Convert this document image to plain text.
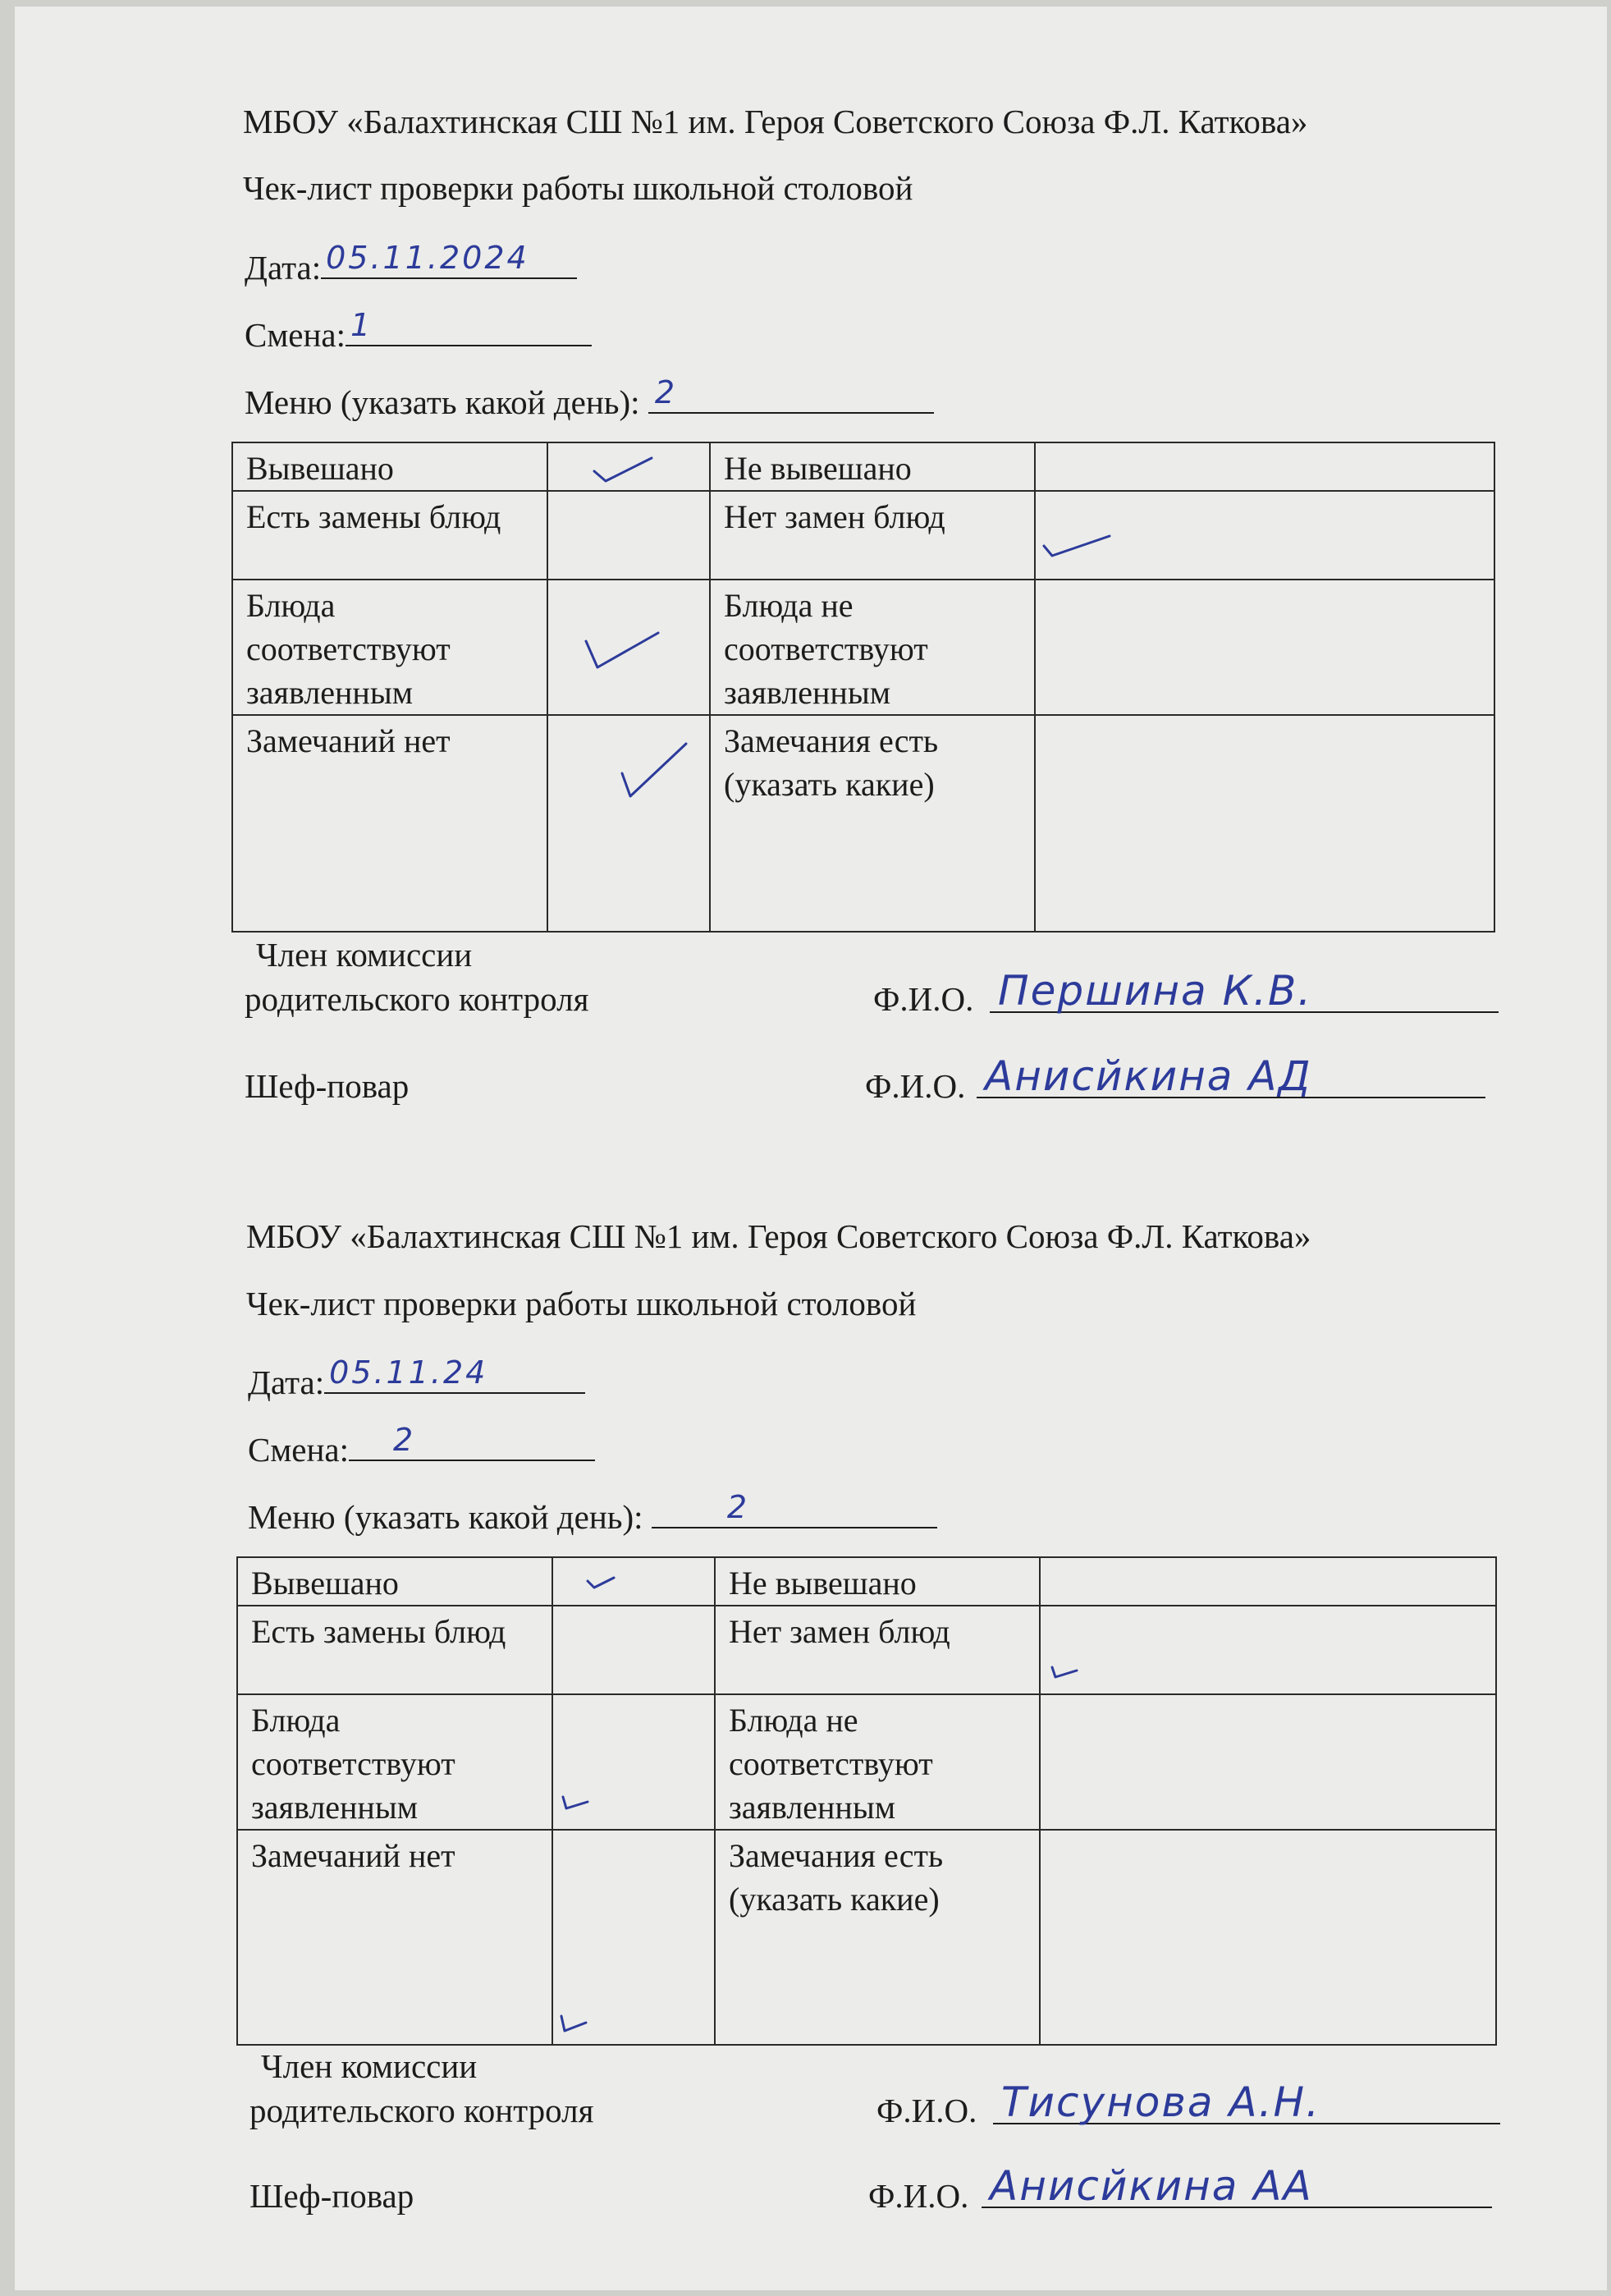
МБОУ «Балахтинская СШ №1 им. Героя Советского Союза Ф.Л. Каткова»
Чек-лист проверки работы школьной столовой
Дата: 05.11.2024
Смена: 1
Меню (указать какой день): 2
Вывешано		Не вывешано	
Есть замены блюд		Нет замен блюд	

Блюда соответствуют заявленным		Блюда не соответствуют заявленным	
Замечаний нет		Замечания есть (указать какие)	
Член комиссии
родительского контроля	Ф.И.О. Першина К.В.
Шеф-повар	Ф.И.О. Анисйкина АД
МБОУ «Балахтинская СШ №1 им. Героя Советского Союза Ф.Л. Каткова»
Чек-лист проверки работы школьной столовой
Дата: 05.11.24
Смена: 2
Меню (указать какой день):	2
Вывешано		Не вывешано	
Есть замены блюд		Нет замен блюд	

Блюда соответствуют заявленным		Блюда не соответствуют заявленным	
Замечаний нет		Замечания есть (указать какие)	
Член комиссии
родительского контроля	Ф.И.О. Тисунова А.Н.
Шеф-повар	Ф.И.О. Анисйкина АА
